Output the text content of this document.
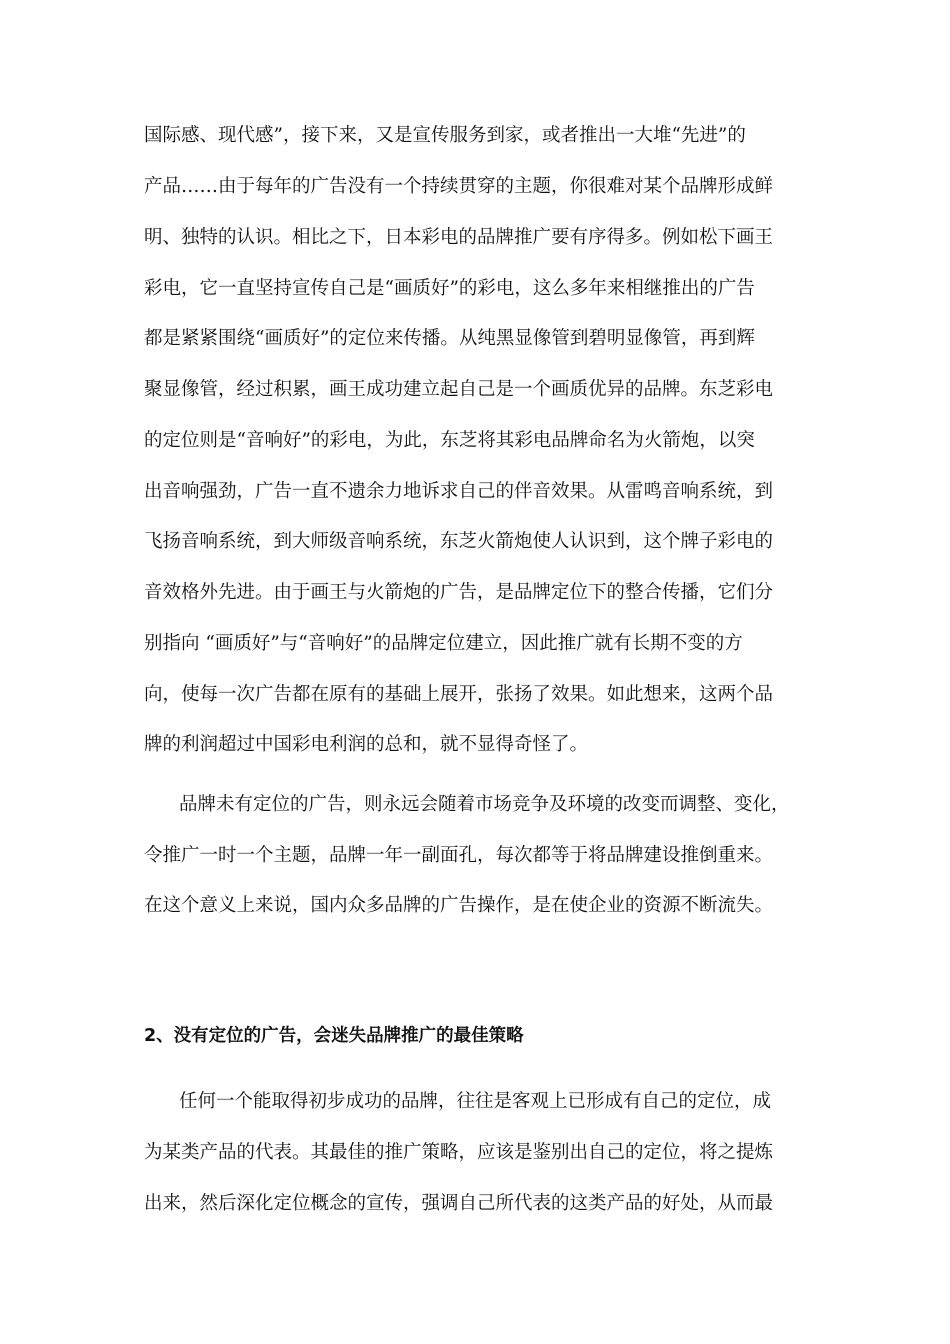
国际感、现代感”，接下来，又是宣传服务到家，或者推出一大堆“先进”的
产品……由于每年的广告没有一个持续贯穿的主题，你很难对某个品牌形成鲜
明、独特的认识。相比之下，日本彩电的品牌推广要有序得多。例如松下画王
彩电，它一直坚持宣传自己是“画质好”的彩电，这么多年来相继推出的广告
都是紧紧围绕“画质好”的定位来传播。从纯黑显像管到碧明显像管，再到辉
聚显像管，经过积累，画王成功建立起自己是一个画质优异的品牌。东芝彩电
的定位则是“音响好”的彩电，为此，东芝将其彩电品牌命名为火箭炮，以突
出音响强劲，广告一直不遗余力地诉求自己的伴音效果。从雷鸣音响系统，到
飞扬音响系统，到大师级音响系统，东芝火箭炮使人认识到，这个牌子彩电的
音效格外先进。由于画王与火箭炮的广告，是品牌定位下的整合传播，它们分
别指向 “画质好”与“音响好”的品牌定位建立，因此推广就有长期不变的方
向，使每一次广告都在原有的基础上展开，张扬了效果。如此想来，这两个品
牌的利润超过中国彩电利润的总和，就不显得奇怪了。
品牌未有定位的广告，则永远会随着市场竞争及环境的改变而调整、变化，
令推广一时一个主题，品牌一年一副面孔，每次都等于将品牌建设推倒重来。
在这个意义上来说，国内众多品牌的广告操作，是在使企业的资源不断流失。
2、没有定位的广告，会迷失品牌推广的最佳策略
任何一个能取得初步成功的品牌，往往是客观上已形成有自己的定位，成
为某类产品的代表。其最佳的推广策略，应该是鉴别出自己的定位，将之提炼
出来，然后深化定位概念的宣传，强调自己所代表的这类产品的好处，从而最
